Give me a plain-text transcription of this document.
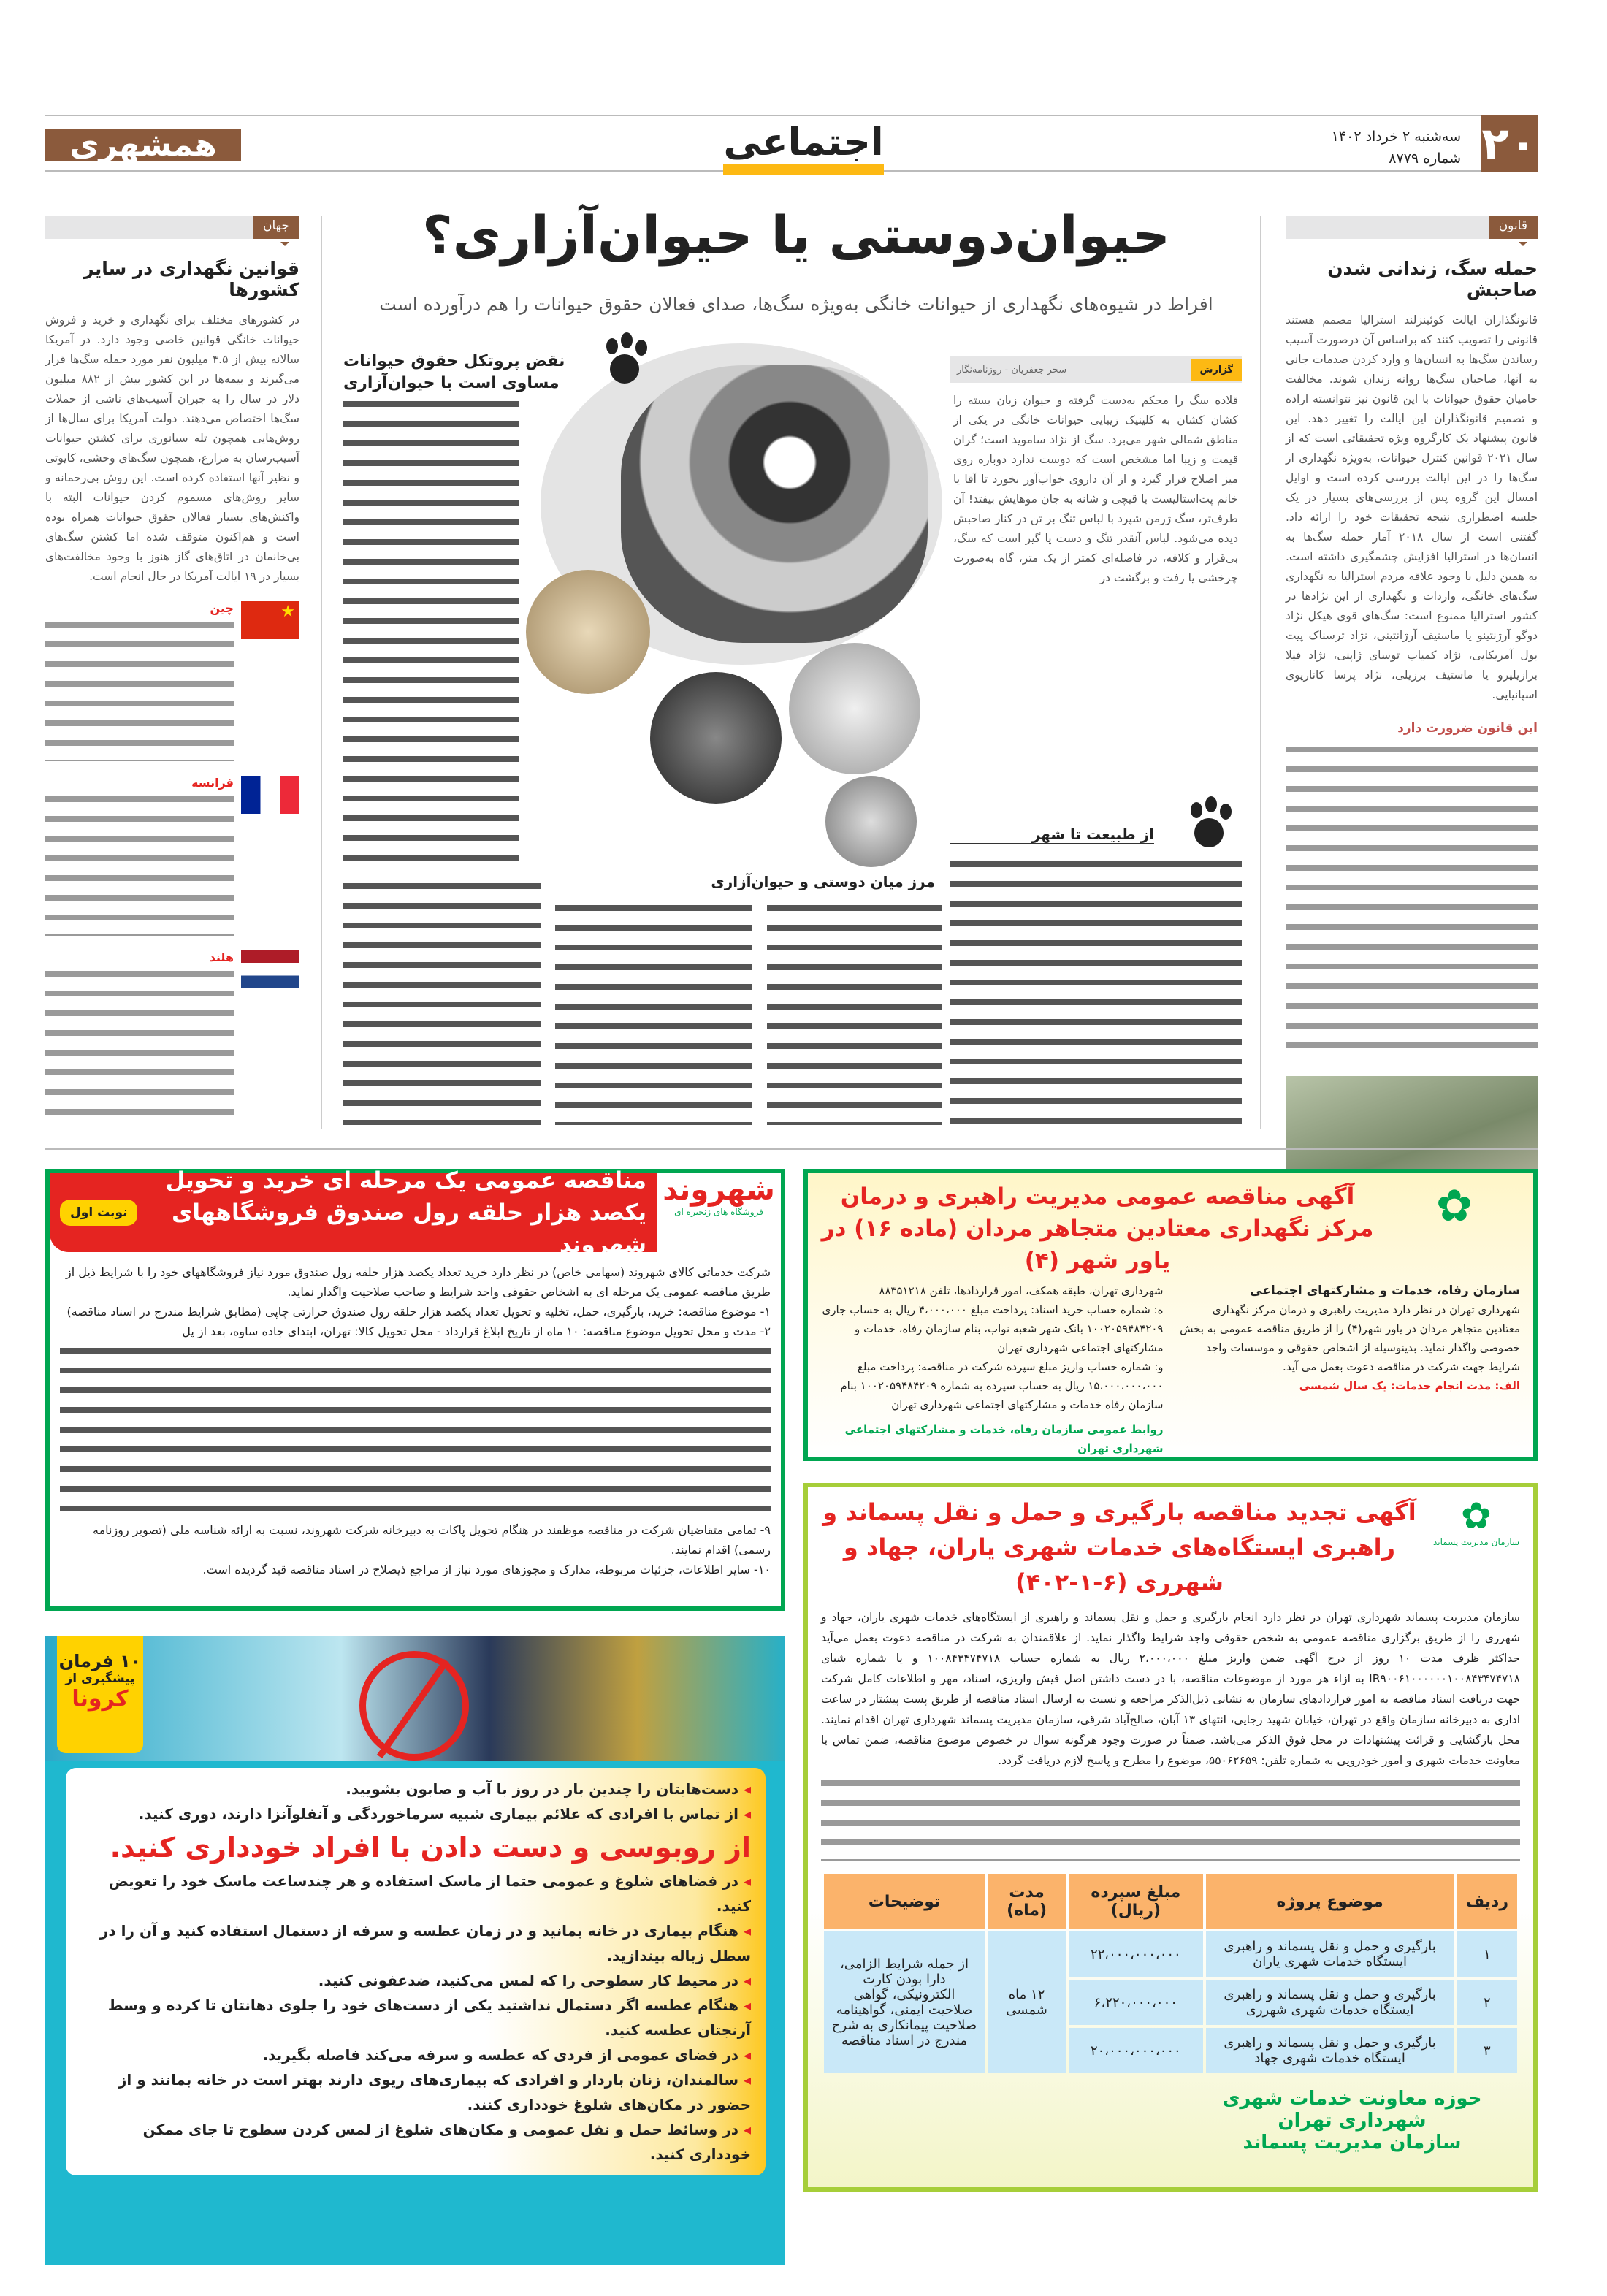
۲۰
سه‌شنبه ۲ خرداد ۱۴۰۲
شماره ۸۷۷۹
اجتماعی
همشهری
قانون
حمله سگ، زندانی شدن صاحبش

قانونگذاران ایالت کوئینزلند استرالیا مصمم هستند قانونی را تصویب کنند که براساس آن درصورت آسیب رساندن سگ‌ها به انسان‌ها و وارد کردن صدمات جانی به آنها، صاحبان سگ‌ها روانه زندان شوند. مخالفت حامیان حقوق حیوانات با این قانون نیز نتوانسته اراده و تصمیم قانونگذاران این ایالت را تغییر دهد. این قانون پیشنهاد یک کارگروه ویژه تحقیقاتی است که از سال ۲۰۲۱ قوانین کنترل حیوانات، به‌ویژه نگهداری از سگ‌ها را در این ایالت بررسی کرده است و اوایل امسال این گروه پس از بررسی‌های بسیار در یک جلسه اضطراری نتیجه تحقیقات خود را ارائه داد. گفتنی است از سال ۲۰۱۸ آمار حمله سگ‌ها به انسان‌ها در استرالیا افزایش چشمگیری داشته است. به همین دلیل با وجود علاقه مردم استرالیا به نگهداری سگ‌های خانگی، واردات و نگهداری از این نژادها در کشور استرالیا ممنوع است: سگ‌های قوی هیکل نژاد دوگو آرژنتینو یا ماستیف آرژانتینی، نژاد ترسناک پیت بول آمریکایی، نژاد کمیاب توسای ژاپنی، نژاد فیلا برازیلیرو یا ماستیف برزیلی، نژاد پرسا کاناریوی اسپانیایی.

این قانون ضرورت دارد
جهان
قوانین نگهداری در سایر کشورها

در کشورهای مختلف برای نگهداری و خرید و فروش حیوانات خانگی قوانین خاصی وجود دارد. در آمریکا سالانه بیش از ۴.۵ میلیون نفر مورد حمله سگ‌ها قرار می‌گیرند و بیمه‌ها در این کشور بیش از ۸۸۲ میلیون دلار در سال را به جبران آسیب‌های ناشی از حملات سگ‌ها اختصاص می‌دهند. دولت آمریکا برای سال‌ها از روش‌هایی همچون تله سیانوری برای کشتن حیوانات آسیب‌رسان به مزارع، همچون سگ‌های وحشی، کایوتی و نظیر آنها استفاده کرده است. این روش بی‌رحمانه و سایر روش‌های مسموم کردن حیوانات البته با واکنش‌های بسیار فعالان حقوق حیوانات همراه بوده است و هم‌اکنون متوقف شده اما کشتن سگ‌های بی‌خانمان در اتاق‌های گاز هنوز با وجود مخالفت‌های بسیار در ۱۹ ایالت آمریکا در حال انجام است.

★
چین
فرانسه
هلند
حیوان‌دوستی یا حیوان‌آزاری؟
افراط در شیوه‌های نگهداری از حیوانات خانگی به‌ویژه سگ‌ها، صدای فعالان حقوق حیوانات را هم درآورده است
گزارش
سحر جعفریان - روزنامه‌نگار

قلاده سگ را محکم به‌دست گرفته و حیوان زبان بسته را کشان کشان به کلینیک زیبایی حیوانات خانگی در یکی از مناطق شمالی شهر می‌برد. سگ از نژاد ساموید است؛ گران قیمت و زیبا اما مشخص است که دوست ندارد دوباره روی میز اصلاح قرار گیرد و از آن داروی خواب‌آور بخورد تا آقا یا خانم پت‌استالیست با قیچی و شانه به جان موهایش بیفتد! آن طرف‌تر، سگ ژرمن شپرد با لباس تنگ بر تن در کنار صاحبش دیده می‌شود. لباس آنقدر تنگ و دست پا گیر است که سگ، بی‌قرار و کلافه، در فاصله‌ای کمتر از یک متر، گاه به‌صورت چرخشی یا رفت و برگشت در

نقض پروتکل حقوق حیوانات مساوی است با حیوان‌آزاری
مرز میان دوستی و حیوان‌آزاری
از طبیعت تا شهر
✿
آگهی مناقصه عمومی مدیریت راهبری و درمان مرکز نگهداری معتادین متجاهر مردان (ماده ۱۶) در یاور شهر (۴)
سازمان رفاه، خدمات و مشارکتهای اجتماعی
شهرداری تهران در نظر دارد مدیریت راهبری و درمان مرکز نگهداری معتادین متجاهر مردان در یاور شهر(۴) را از طریق مناقصه عمومی به بخش خصوصی واگذار نماید. بدینوسیله از اشخاص حقوقی و موسسات واجد شرایط جهت شرکت در مناقصه دعوت بعمل می آید.
الف: مدت انجام خدمات: یک سال شمسی
شهرداری تهران، طبقه همکف، امور قراردادها، تلفن ۸۸۳۵۱۲۱۸
ه: شماره حساب خرید اسناد: پرداخت مبلغ ۴،۰۰۰،۰۰۰ ریال به حساب جاری ۱۰۰۲۰۵۹۴۸۴۲۰۹ بانک شهر شعبه نواب، بنام سازمان رفاه، خدمات و مشارکتهای اجتماعی شهرداری تهران
و: شماره حساب واریز مبلغ سپرده شرکت در مناقصه: پرداخت مبلغ ۱۵،۰۰۰،۰۰۰،۰۰۰ ریال به حساب سپرده به شماره ۱۰۰۲۰۵۹۴۸۴۲۰۹ بنام سازمان رفاه خدمات و مشارکتهای اجتماعی شهرداری تهران
روابط عمومی سازمان رفاه، خدمات و مشارکتهای اجتماعی شهرداری تهران
✿
سازمان مدیریت پسماند
آگهی تجدید مناقصه بارگیری و حمل و نقل پسماند و راهبری ایستگاه‌های خدمات شهری یاران، جهاد و شهرری (۶-۱-۴۰۲)

سازمان مدیریت پسماند شهرداری تهران در نظر دارد انجام بارگیری و حمل و نقل پسماند و راهبری از ایستگاه‌های خدمات شهری یاران، جهاد و شهرری را از طریق برگزاری مناقصه عمومی به شخص حقوقی واجد شرایط واگذار نماید. از علاقمندان به شرکت در مناقصه دعوت بعمل می‌آید حداکثر ظرف مدت ۱۰ روز از درج آگهی ضمن واریز مبلغ ۲،۰۰۰،۰۰۰ ریال به شماره حساب ۱۰۰۸۴۳۴۷۴۷۱۸ و یا شماره شبای IR۹۰۰۶۱۰۰۰۰۰۰۱۰۰۸۴۳۴۷۴۷۱۸ به ازاء هر مورد از موضوعات مناقصه، با در دست داشتن اصل فیش واریزی، اسناد، مهر و اطلاعات کامل شرکت جهت دریافت اسناد مناقصه به امور قراردادهای سازمان به نشانی ذیل‌الذکر مراجعه و نسبت به ارسال اسناد مناقصه از طریق پست پیشتاز در ساعت اداری به دبیرخانه سازمان واقع در تهران، خیابان شهید رجایی، انتهای ۱۳ آبان، صالح‌آباد شرقی، سازمان مدیریت پسماند شهرداری تهران اقدام نمایند. محل بازگشایی و قرائت پیشنهادات در محل فوق الذکر می‌باشد. ضمناً در صورت وجود هرگونه سوال در خصوص موضوع مناقصه، ضمن تماس با معاونت خدمات شهری و امور خودرویی به شماره تلفن: ۵۵۰۶۲۶۵۹، موضوع را مطرح و پاسخ لازم دریافت گردد.

ردیف	موضوع پروژه	مبلغ سپرده (ریال)	مدت (ماه)	توضیحات
۱	بارگیری و حمل و نقل پسماند و راهبری ایستگاه خدمات شهری یاران	۲۲،۰۰۰،۰۰۰،۰۰۰	۱۲ ماه شمسی	از جمله شرایط الزامی، دارا بودن کارت الکترونیکی، گواهی صلاحیت ایمنی، گواهینامه صلاحیت پیمانکاری به شرح مندرج در اسناد مناقصه
۲	بارگیری و حمل و نقل پسماند و راهبری ایستگاه خدمات شهری شهرری	۶،۲۲۰،۰۰۰،۰۰۰		
۳	بارگیری و حمل و نقل پسماند و راهبری ایستگاه خدمات شهری جهاد	۲۰،۰۰۰،۰۰۰،۰۰۰		
حوزه معاونت خدمات شهری شهرداری تهران
سازمان مدیریت پسماند
شهروند
فروشگاه های زنجیره ای
مناقصه عمومی یک مرحله ای خرید و تحویل یکصد هزار حلقه رول صندوق فروشگاههای شهروند
نوبت اول
شرکت خدماتی کالای شهروند (سهامی خاص) در نظر دارد خرید تعداد یکصد هزار حلقه رول صندوق مورد نیاز فروشگاههای خود را با شرایط ذیل از طریق مناقصه عمومی یک مرحله ای به اشخاص حقوقی واجد شرایط و صاحب صلاحیت واگذار نماید.
۱- موضوع مناقصه: خرید، بارگیری، حمل، تخلیه و تحویل تعداد یکصد هزار حلقه رول صندوق حرارتی چاپی (مطابق شرایط مندرج در اسناد مناقصه)
۲- مدت و محل تحویل موضوع مناقصه: ۱۰ ماه از تاریخ ابلاغ قرارداد - محل تحویل کالا: تهران، ابتدای جاده ساوه، بعد از پل
۹- تمامی متقاضیان شرکت در مناقصه موظفند در هنگام تحویل پاکات به دبیرخانه شرکت شهروند، نسبت به ارائه شناسه ملی (تصویر روزنامه رسمی) اقدام نمایند.
۱۰- سایر اطلاعات، جزئیات مربوطه، مدارک و مجوزهای مورد نیاز از مراجع ذیصلاح در اسناد مناقصه قید گردیده است.
۱۰ فرمان
پیشگیری از
کرونا
◂ دست‌هایتان را چندین بار در روز با آب و صابون بشویید.
◂ از تماس با افرادی که علائم بیماری شبیه سرماخوردگی و آنفلوآنزا دارند، دوری کنید.
از روبوسی و دست دادن با افراد خودداری کنید.
◂ در فضاهای شلوغ و عمومی حتما از ماسک استفاده و هر چندساعت ماسک خود را تعویض کنید.
◂ هنگام بیماری در خانه بمانید و در زمان عطسه و سرفه از دستمال استفاده کنید و آن را در سطل زباله بیندازید.
◂ در محیط کار سطوحی را که لمس می‌کنید، ضدعفونی کنید.
◂ هنگام عطسه اگر دستمال نداشتید یکی از دست‌های خود را جلوی دهانتان تا کرده و وسط آرنجتان عطسه کنید.
◂ در فضای عمومی از فردی که عطسه و سرفه می‌کند فاصله بگیرید.
◂ سالمندان، زنان باردار و افرادی که بیماری‌های ریوی دارند بهتر است در خانه بمانند و از حضور در مکان‌های شلوغ خودداری کنند.
◂ در وسائط حمل و نقل عمومی و مکان‌های شلوغ از لمس کردن سطوح تا جای ممکن خودداری کنید.
